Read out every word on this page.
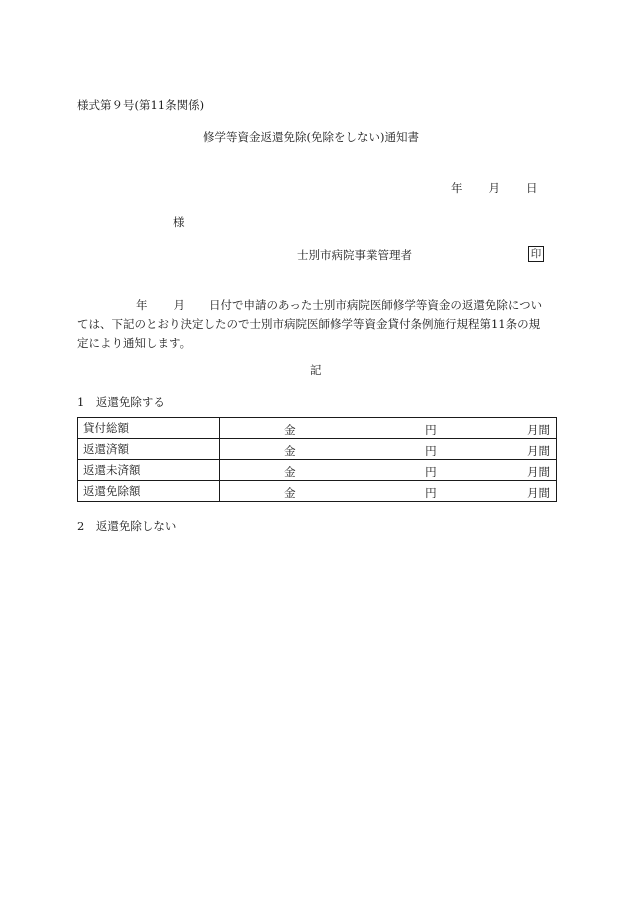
様式第９号(第11条関係)
修学等資金返還免除(免除をしない)通知書
年 月 日
様
士別市病院事業管理者	印
年 月 日付で申請のあった士別市病院医師修学等資金の返還免除につい
ては、下記のとおり決定したので士別市病院医師修学等資金貸付条例施行規程第11条の規
定により通知します。
記
1　返還免除する
貸付総額	金 円 月間

返還済額	金 円 月間

返還未済額	金 円 月間

返還免除額	金 円 月間
2　返還免除しない
